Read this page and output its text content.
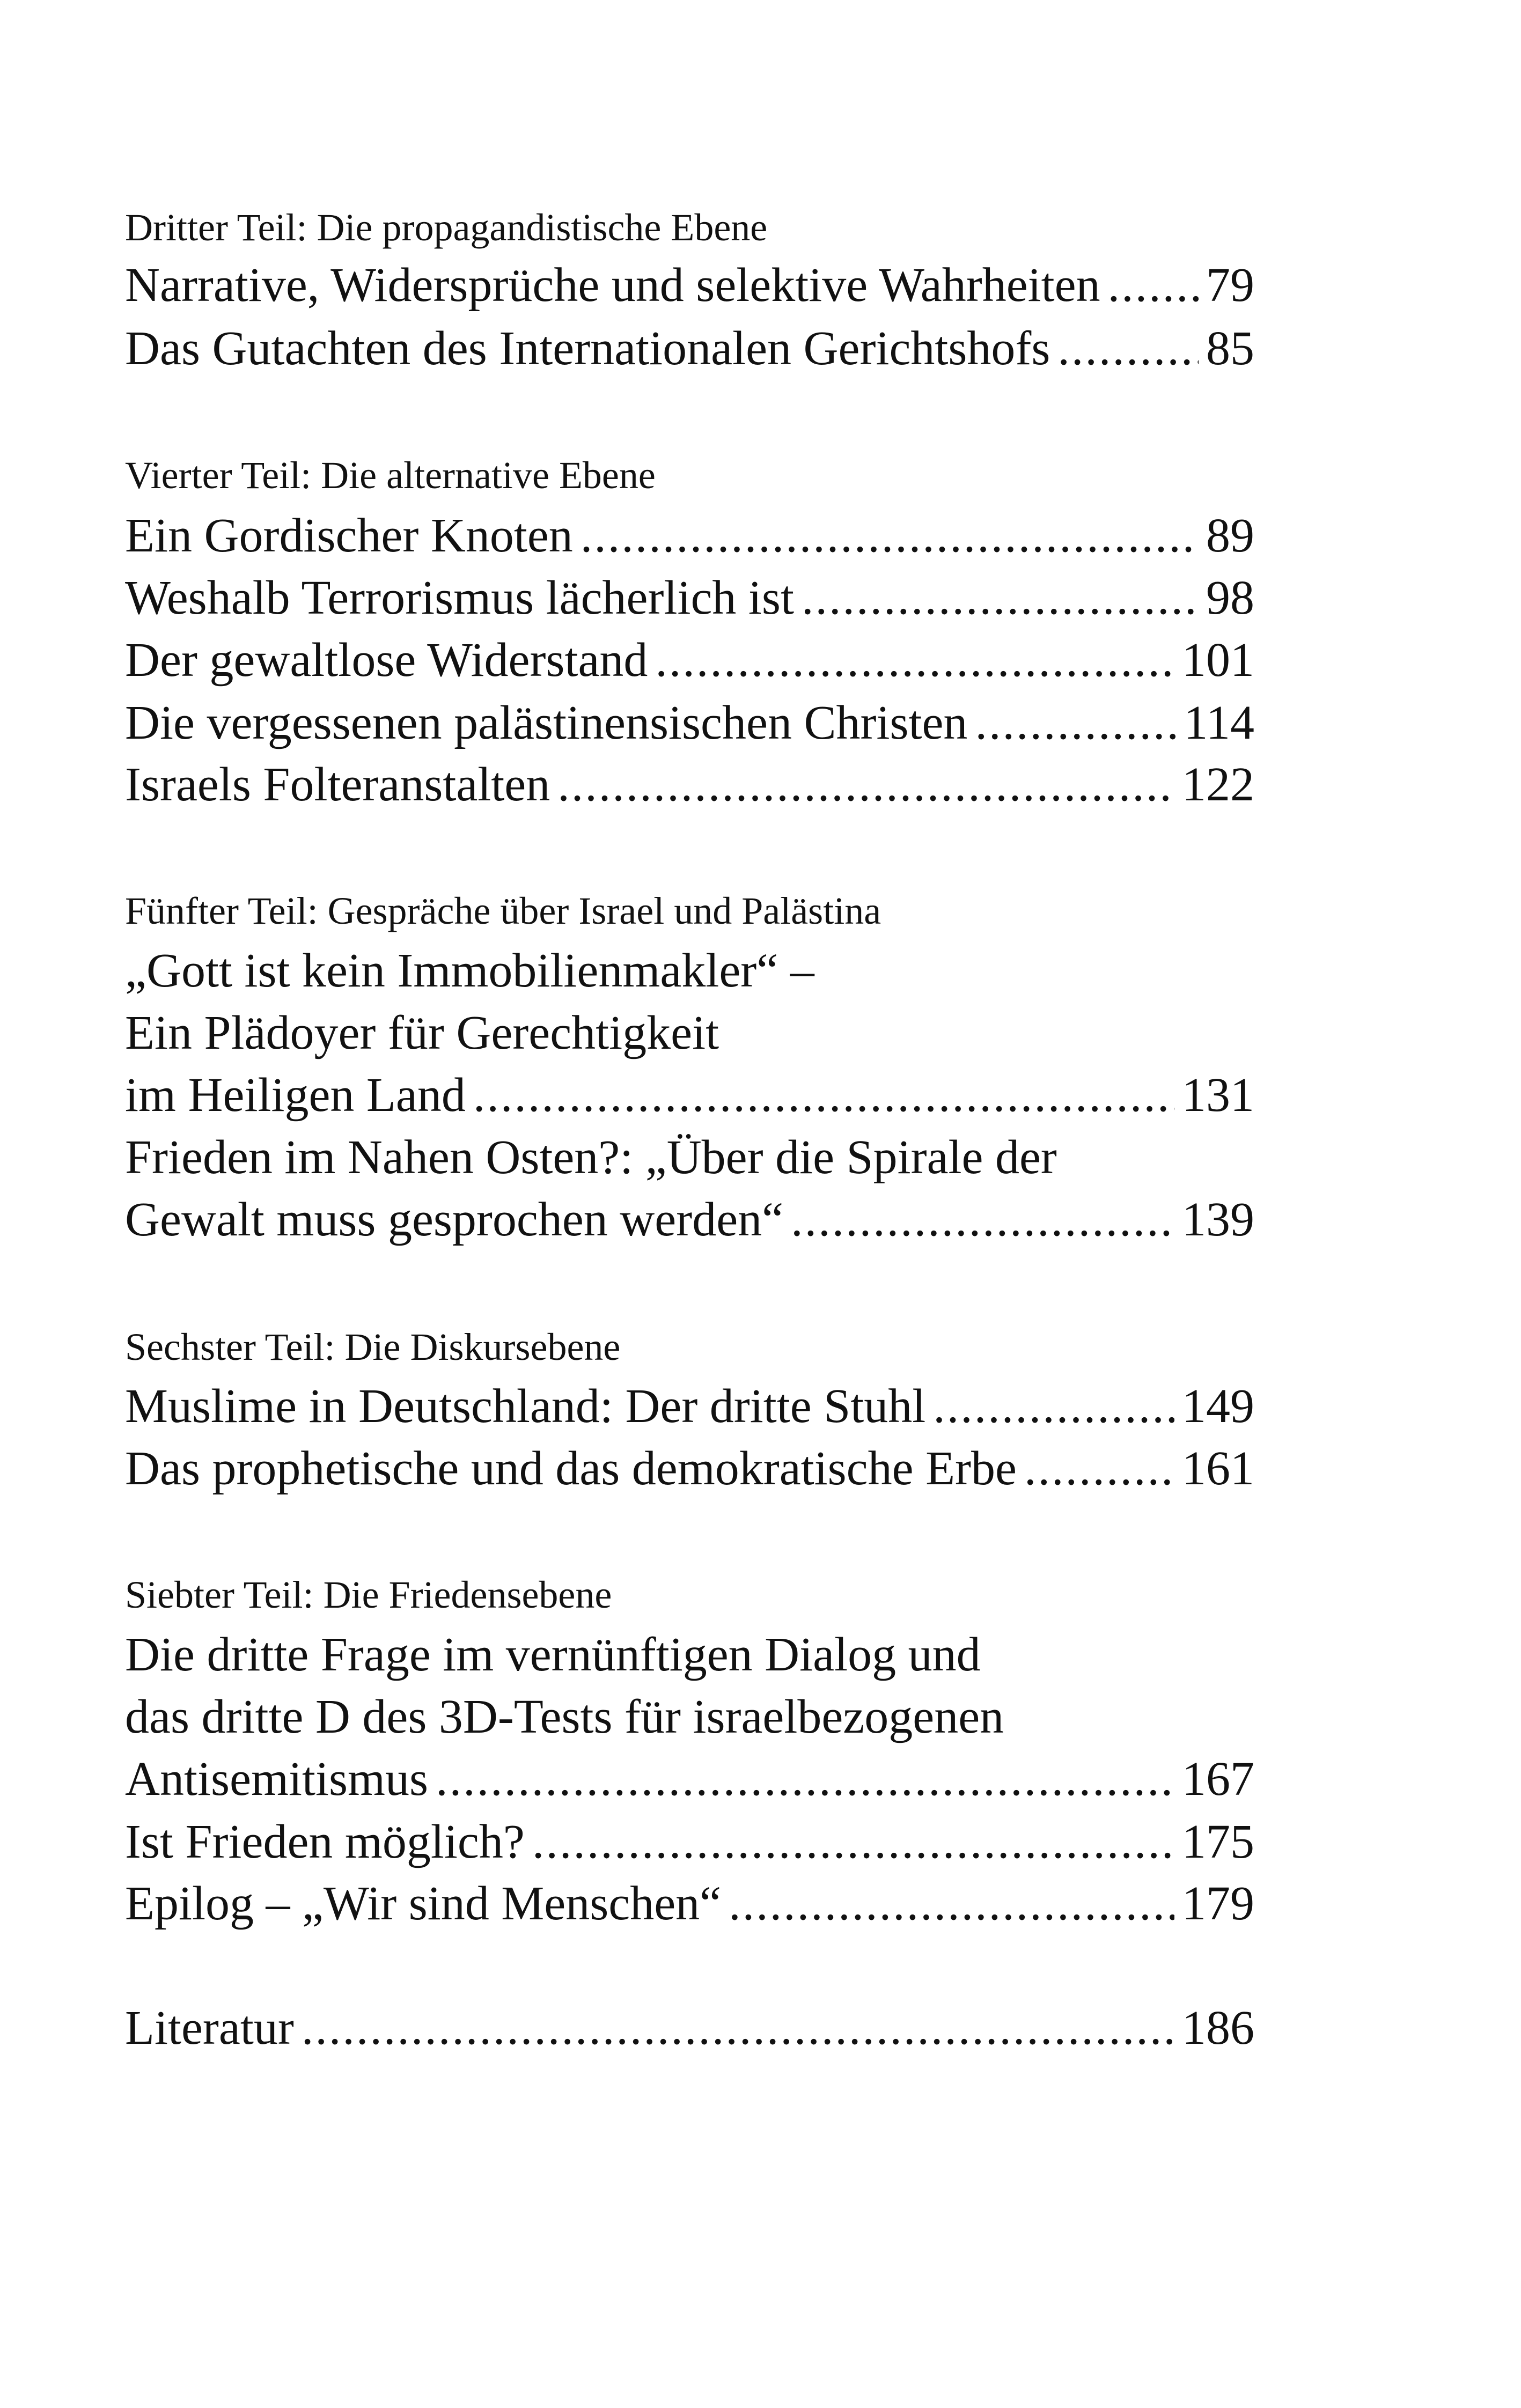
Dritter Teil: Die propagandistische Ebene
Narrative, Widersprüche und selektive Wahrheiten ..... 79
Das Gutachten des Internationalen Gerichtshofs .....	85
Vierter Teil: Die alternative Ebene
Ein Gordischer Knoten .....	89
Weshalb Terrorismus lächerlich ist .....	98
Der gewaltlose Widerstand .....	101
Die vergessenen palästinensischen Christen .....	114
Israels Folteranstalten .....	122
Fünfter Teil: Gespräche über Israel und Palästina
„Gott ist kein Immobilienmakler“ –
Ein Plädoyer für Gerechtigkeit
im Heiligen Land .....	131
Frieden im Nahen Osten?: „Über die Spirale der
Gewalt muss gesprochen werden“ .....	139
Sechster Teil: Die Diskursebene
Muslime in Deutschland: Der dritte Stuhl .....	149
Das prophetische und das demokratische Erbe .....	161
Siebter Teil: Die Friedensebene
Die dritte Frage im vernünftigen Dialog und
das dritte D des 3D-Tests für israelbezogenen
Antisemitismus .....	167
Ist Frieden möglich? .....	175
Epilog – „Wir sind Menschen“ .....	179
Literatur .....	186
